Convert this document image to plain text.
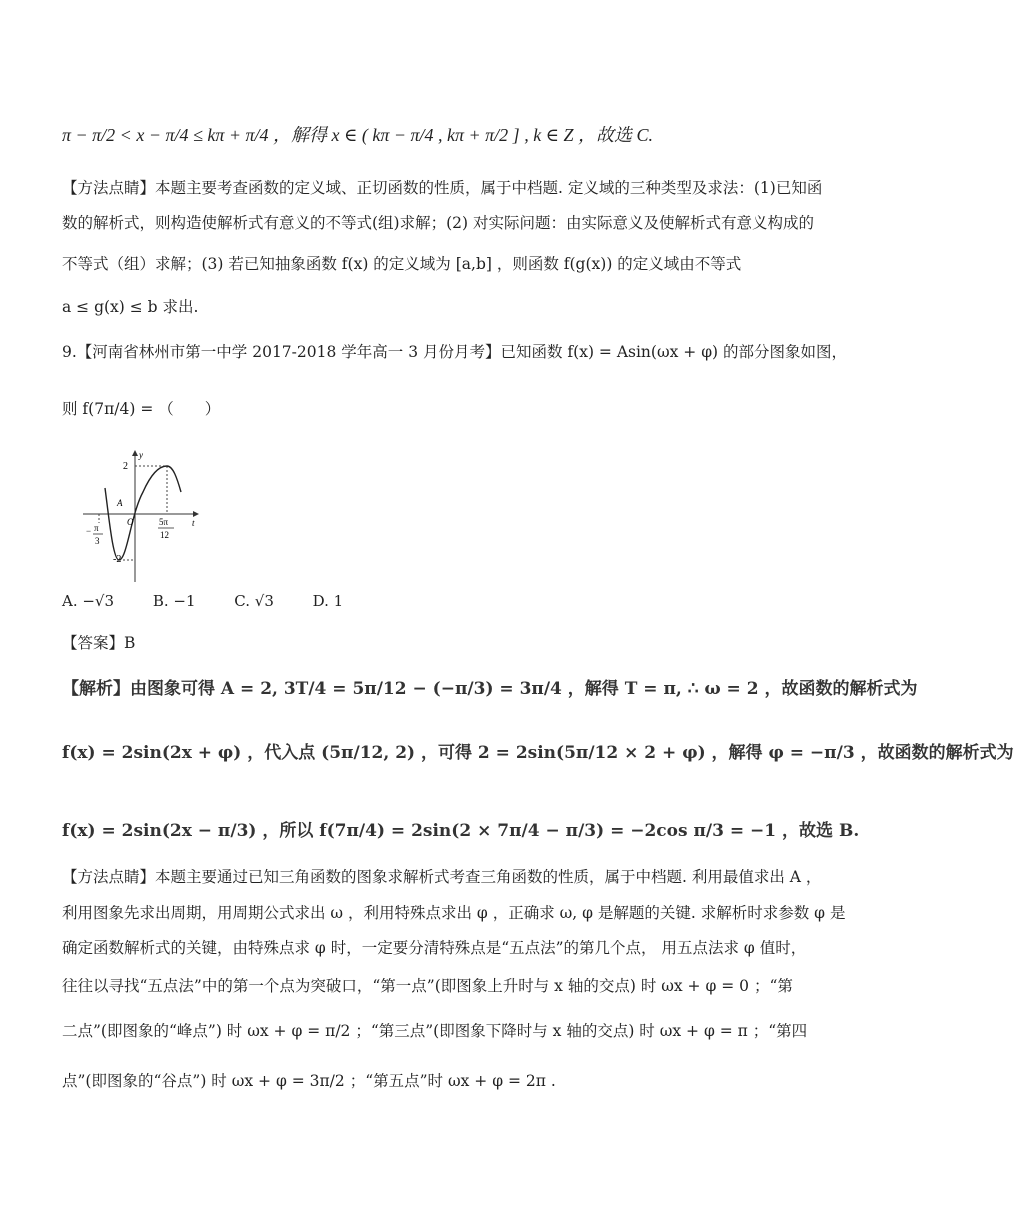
π − π/2 < x − π/4 ≤ kπ + π/4 ，解得 x ∈ ( kπ − π/4 , kπ + π/2 ] , k ∈ Z ，故选 C.
【方法点睛】本题主要考查函数的定义域、正切函数的性质，属于中档题. 定义域的三种类型及求法：(1)已知函
数的解析式，则构造使解析式有意义的不等式(组)求解；(2) 对实际问题：由实际意义及使解析式有意义构成的
不等式（组）求解；(3) 若已知抽象函数 f(x) 的定义域为 [a,b] ，则函数 f(g(x)) 的定义域由不等式
a ≤ g(x) ≤ b 求出.
9.【河南省林州市第一中学 2017-2018 学年高一 3 月份月考】已知函数 f(x) = Asin(ωx + φ) 的部分图象如图，
则 f(7π/4) = （　　）
y
t
2
-2
A
O
− π
3
5π
12
A. −√3	B. −1	C. √3	D. 1
【答案】B
【解析】由图象可得 A = 2, 3T/4 = 5π/12 − (−π/3) = 3π/4 ，解得 T = π, ∴ ω = 2 ，故函数的解析式为
f(x) = 2sin(2x + φ) ，代入点 (5π/12, 2) ，可得 2 = 2sin(5π/12 × 2 + φ) ，解得 φ = −π/3 ，故函数的解析式为
f(x) = 2sin(2x − π/3) ，所以 f(7π/4) = 2sin(2 × 7π/4 − π/3) = −2cos π/3 = −1 ，故选 B.
【方法点睛】本题主要通过已知三角函数的图象求解析式考查三角函数的性质，属于中档题. 利用最值求出 A ，
利用图象先求出周期，用周期公式求出 ω ，利用特殊点求出 φ ，正确求 ω, φ 是解题的关键. 求解析时求参数 φ 是
确定函数解析式的关键，由特殊点求 φ 时，一定要分清特殊点是“五点法”的第几个点， 用五点法求 φ 值时，
往往以寻找“五点法”中的第一个点为突破口，“第一点”(即图象上升时与 x 轴的交点) 时 ωx + φ = 0 ；“第
二点”(即图象的“峰点”) 时 ωx + φ = π/2 ；“第三点”(即图象下降时与 x 轴的交点) 时 ωx + φ = π ；“第四
点”(即图象的“谷点”) 时 ωx + φ = 3π/2 ；“第五点”时 ωx + φ = 2π .
